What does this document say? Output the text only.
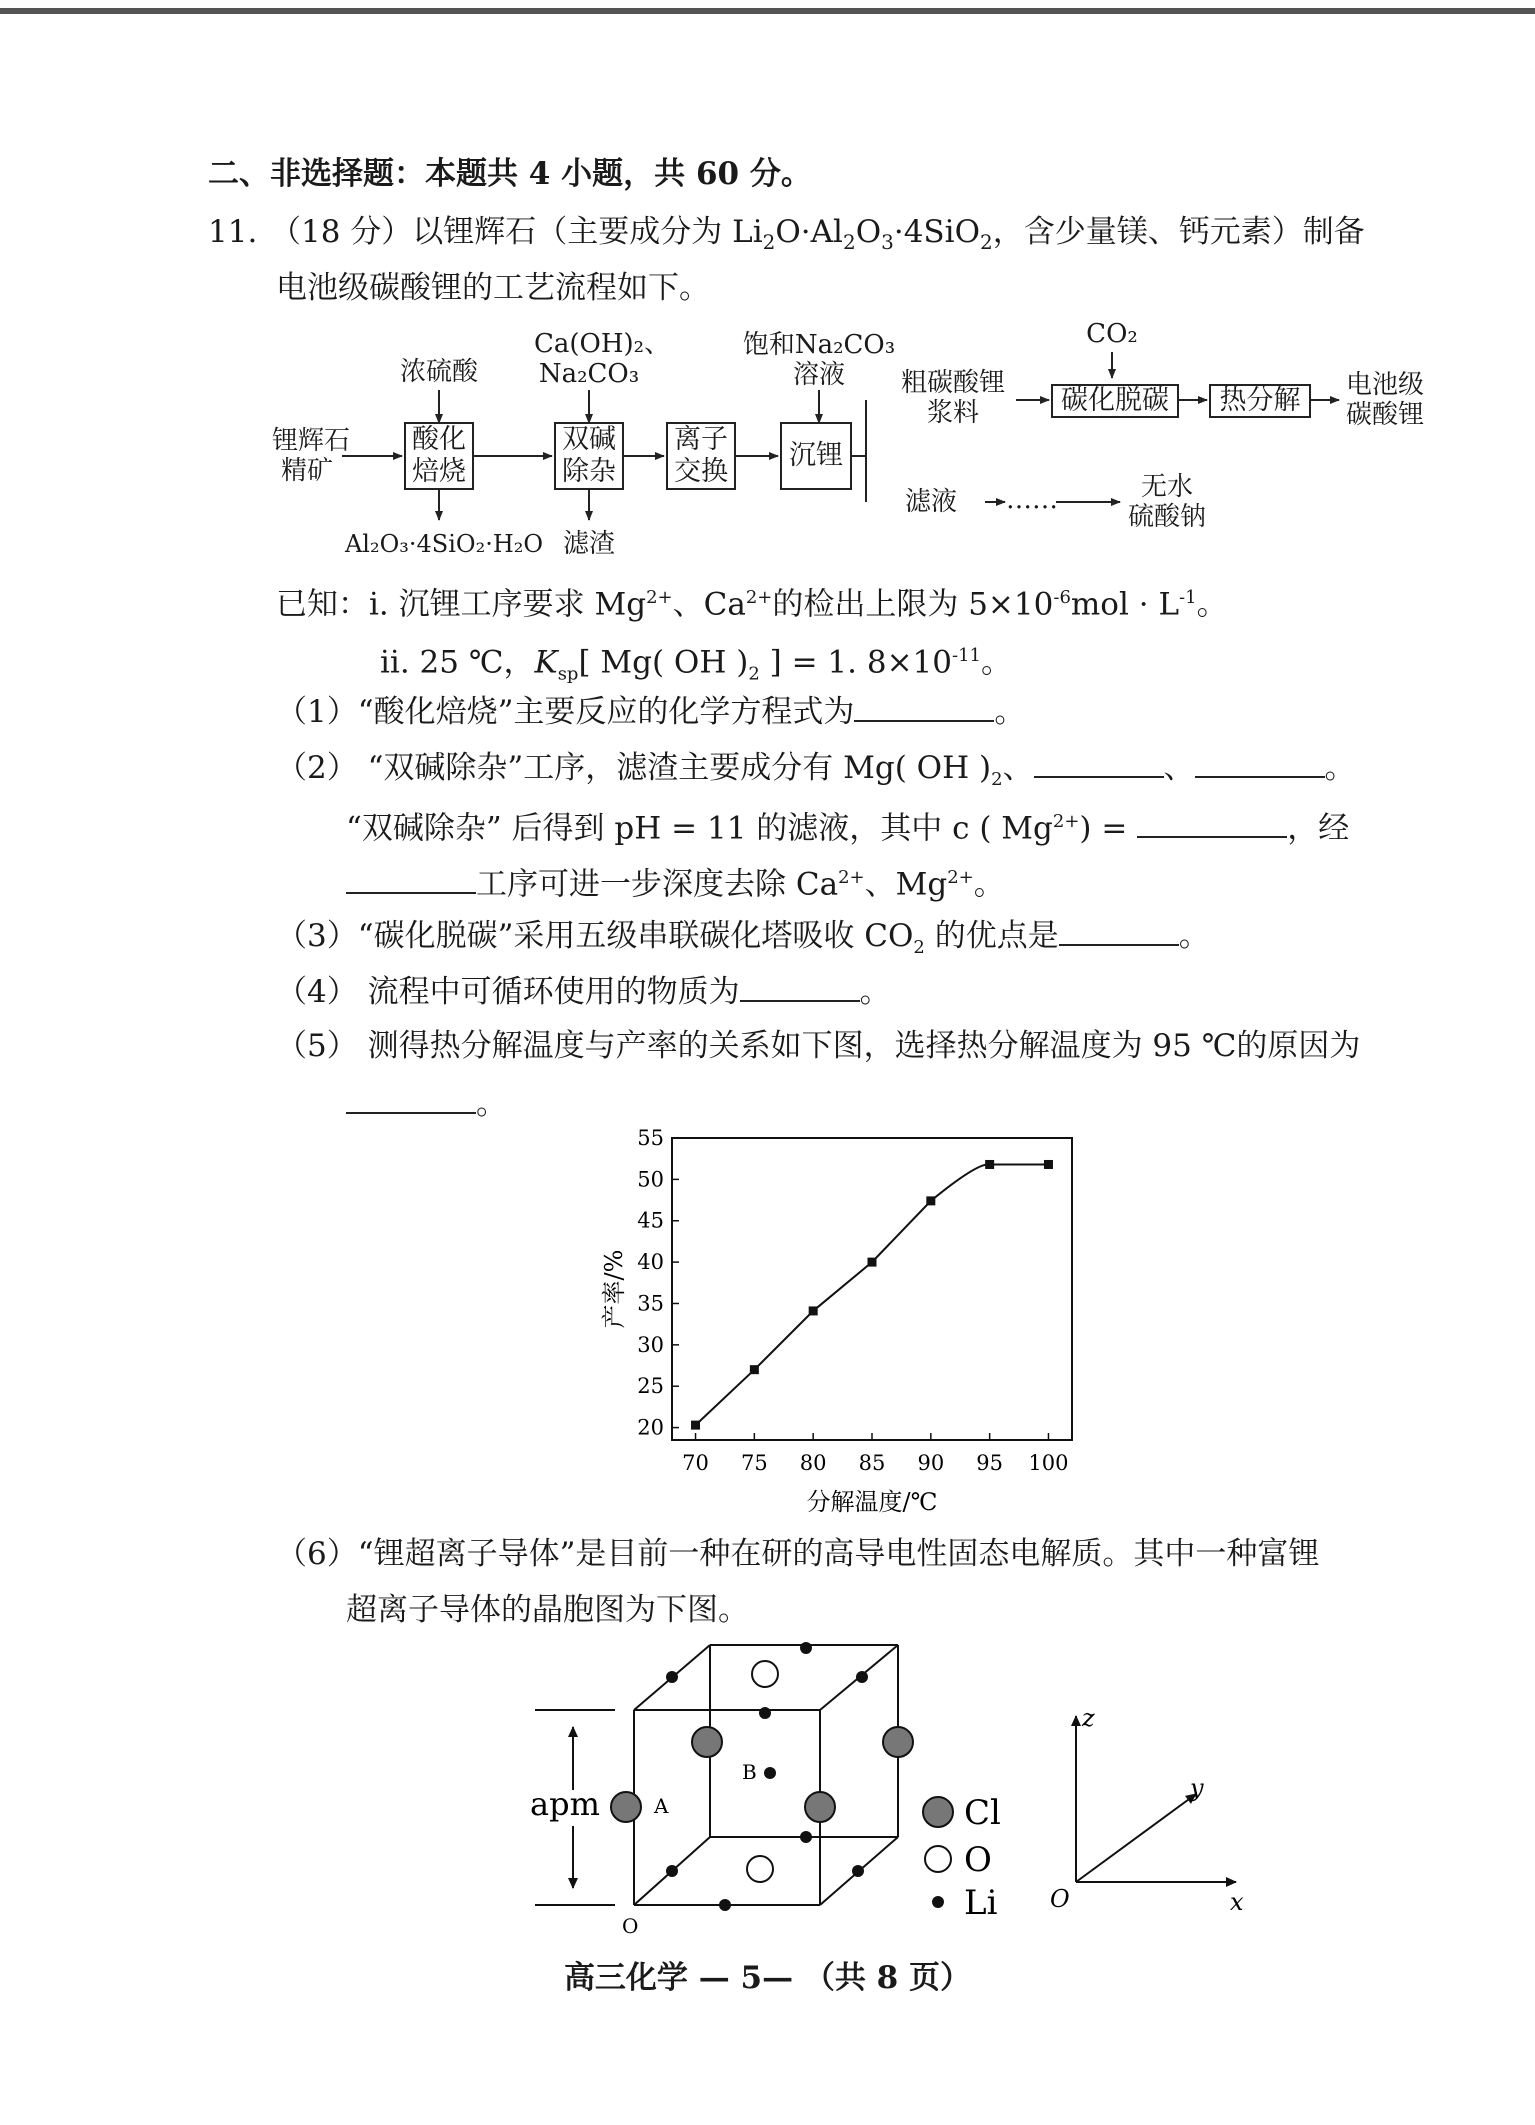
二、非选择题：本题共 4 小题，共 60 分。
11. （18 分）以锂辉石（主要成分为 $Li_2O\cdot Al_2O_3\cdot 4SiO_2$，含少量镁、钙元素）制备
电池级碳酸锂的工艺流程如下。
酸化
焙烧
双碱
除杂
离子
交换
沉锂
碳化脱碳	热分解
锂辉石
精矿
浓硫酸
Ca(OH)₂、
Na₂CO₃
饱和Na₂CO₃
溶液
CO₂
粗碳酸锂
浆料
电池级
碳酸锂
Al₂O₃·4SiO₂·H₂O 滤渣
滤液	……	无水
硫酸钠
已知：ⅰ. 沉锂工序要求 $Mg^{2+}$、$Ca^{2+}$的检出上限为 $5\times 10^{-6}mol \cdot L^{-1}$。
ⅱ. 25 ℃，$K_{sp}$[ Mg( OH )$_2$ ] = 1. $8\times 10^{-11}$。
（1）“酸化焙烧”主要反应的化学方程式为	。
（2） “双碱除杂”工序，滤渣主要成分有 Mg( OH )$_2$、	、	。
“双碱除杂” 后得到 pH = 11 的滤液，其中 c ( $Mg^{2+}$) =	，经
工序可进一步深度去除 $Ca^{2+}$、$Mg^{2+}$。
（3）“碳化脱碳”采用五级串联碳化塔吸收 $CO_2$ 的优点是	。
（4） 流程中可循环使用的物质为	。
（5） 测得热分解温度与产率的关系如下图，选择热分解温度为 95 ℃的原因为
。
20
25
30
35
40
45
50
55
70 75 80 85 90 95 100
分解温度/℃
产率/%
（6）“锂超离子导体”是目前一种在研的高导电性固态电解质。其中一种富锂
超离子导体的晶胞图为下图。
apm	A
B
O
Cl
O
Li
z
y
x
O
高三化学 — 5— （共 8 页）
